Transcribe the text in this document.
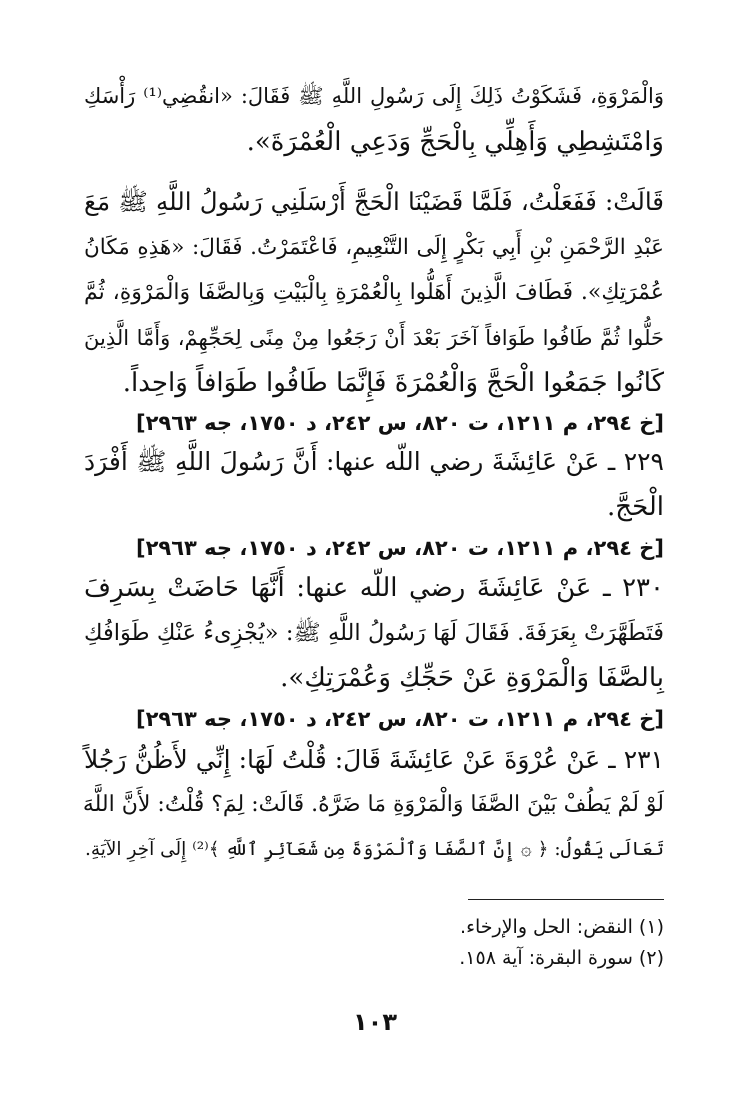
وَالْمَرْوَةِ، فَشَكَوْتُ ذَلِكَ إِلَى رَسُولِ اللَّهِ ﷺ فَقَالَ: «انقُضِي⁽¹⁾ رَأْسَكِ
وَامْتَشِطِي وَأَهِلِّي بِالْحَجِّ وَدَعِي الْعُمْرَةَ».
قَالَتْ: فَفَعَلْتُ، فَلَمَّا قَضَيْنَا الْحَجَّ أَرْسَلَنِي رَسُولُ اللَّهِ ﷺ مَعَ
عَبْدِ الرَّحْمَنِ بْنِ أَبِي بَكْرٍ إِلَى التَّنْعِيمِ، فَاعْتَمَرْتُ. فَقَالَ: «هَذِهِ مَكَانُ
عُمْرَتِكِ». فَطَافَ الَّذِينَ أَهَلُّوا بِالْعُمْرَةِ بِالْبَيْتِ وَبِالصَّفَا وَالْمَرْوَةِ، ثُمَّ
حَلُّوا ثُمَّ طَافُوا طَوَافاً آخَرَ بَعْدَ أَنْ رَجَعُوا مِنْ مِنًى لِحَجِّهِمْ، وَأَمَّا الَّذِينَ
كَانُوا جَمَعُوا الْحَجَّ وَالْعُمْرَةَ فَإِنَّمَا طَافُوا طَوَافاً وَاحِداً.
[خ ٢٩٤، م ١٢١١، ت ٨٢٠، س ٢٤٢، د ١٧٥٠، جه ٢٩٦٣]
٢٢٩ ـ عَنْ عَائِشَةَ رضي اللّه عنها: أَنَّ رَسُولَ اللَّهِ ﷺ أَفْرَدَ
الْحَجَّ.
[خ ٢٩٤، م ١٢١١، ت ٨٢٠، س ٢٤٢، د ١٧٥٠، جه ٢٩٦٣]
٢٣٠ ـ عَنْ عَائِشَةَ رضي اللّه عنها: أَنَّهَا حَاضَتْ بِسَرِفَ
فَتَطَهَّرَتْ بِعَرَفَةَ. فَقَالَ لَهَا رَسُولُ اللَّهِ ﷺ: «يُجْزِىءُ عَنْكِ طَوَافُكِ
بِالصَّفَا وَالْمَرْوَةِ عَنْ حَجِّكِ وَعُمْرَتِكِ».
[خ ٢٩٤، م ١٢١١، ت ٨٢٠، س ٢٤٢، د ١٧٥٠، جه ٢٩٦٣]
٢٣١ ـ عَنْ عُرْوَةَ عَنْ عَائِشَةَ قَالَ: قُلْتُ لَهَا: إِنِّي لأَظُنُّ رَجُلاً
لَوْ لَمْ يَطُفْ بَيْنَ الصَّفَا وَالْمَرْوَةِ مَا ضَرَّهُ. قَالَتْ: لِمَ؟ قُلْتُ: لأَنَّ اللَّهَ
تَعَالَى يَقُولُ: ﴿ ۞ إِنَّ ٱلصَّفَا وَٱلْمَرْوَةَ مِن شَعَآئِرِ ٱللَّهِ ﴾⁽²⁾ إِلَى آخِرِ الآيَةِ.
(١) النقض: الحل والإرخاء.
(٢) سورة البقرة: آية ١٥٨.
١٠٣
